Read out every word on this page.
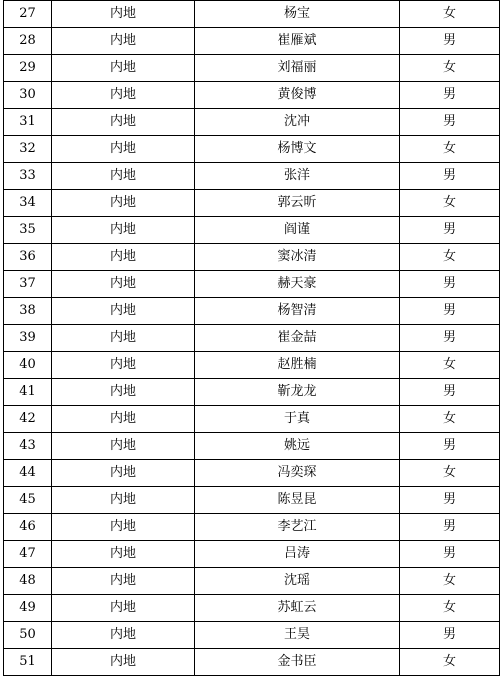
27	内地	杨宝	女
28	内地	崔雁斌	男
29	内地	刘福丽	女
30	内地	黄俊博	男
31	内地	沈冲	男
32	内地	杨博文	女
33	内地	张洋	男
34	内地	郭云昕	女
35	内地	阎谨	男
36	内地	窦冰清	女
37	内地	赫天豪	男
38	内地	杨智清	男
39	内地	崔金喆	男
40	内地	赵胜楠	女
41	内地	靳龙龙	男
42	内地	于真	女
43	内地	姚远	男
44	内地	冯奕琛	女
45	内地	陈昱昆	男
46	内地	李艺江	男
47	内地	吕涛	男
48	内地	沈瑶	女
49	内地	苏虹云	女
50	内地	王昊	男
51	内地	金书臣	女
